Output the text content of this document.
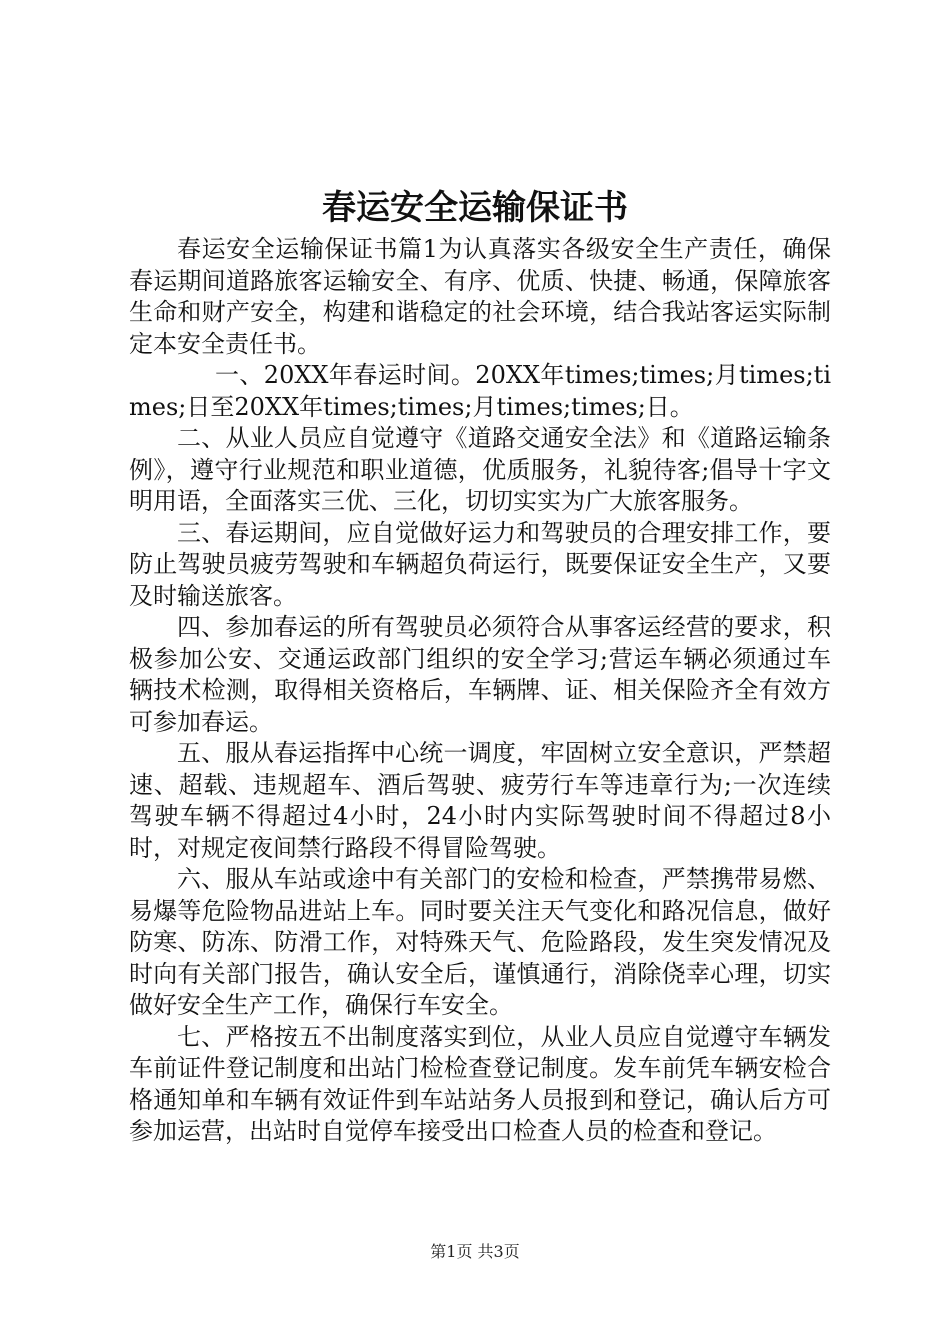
春运安全运输保证书

春运安全运输保证书篇1为认真落实各级安全生产责任，确保春运期间道路旅客运输安全、有序、优质、快捷、畅通，保障旅客生命和财产安全，构建和谐稳定的社会环境，结合我站客运实际制定本安全责任书。

一、20XX年春运时间。20XX年times;times;月times;times;日至20XX年times;times;月times;times;日。

二、从业人员应自觉遵守《道路交通安全法》和《道路运输条例》，遵守行业规范和职业道德，优质服务，礼貌待客;倡导十字文明用语，全面落实三优、三化，切切实实为广大旅客服务。

三、春运期间，应自觉做好运力和驾驶员的合理安排工作，要防止驾驶员疲劳驾驶和车辆超负荷运行，既要保证安全生产，又要及时输送旅客。

四、参加春运的所有驾驶员必须符合从事客运经营的要求，积极参加公安、交通运政部门组织的安全学习;营运车辆必须通过车辆技术检测，取得相关资格后，车辆牌、证、相关保险齐全有效方可参加春运。

五、服从春运指挥中心统一调度，牢固树立安全意识，严禁超速、超载、违规超车、酒后驾驶、疲劳行车等违章行为;一次连续驾驶车辆不得超过4小时，24小时内实际驾驶时间不得超过8小时，对规定夜间禁行路段不得冒险驾驶。

六、服从车站或途中有关部门的安检和检查，严禁携带易燃、易爆等危险物品进站上车。同时要关注天气变化和路况信息，做好防寒、防冻、防滑工作，对特殊天气、危险路段，发生突发情况及时向有关部门报告，确认安全后，谨慎通行，消除侥幸心理，切实做好安全生产工作，确保行车安全。

七、严格按五不出制度落实到位，从业人员应自觉遵守车辆发车前证件登记制度和出站门检检查登记制度。发车前凭车辆安检合格通知单和车辆有效证件到车站站务人员报到和登记，确认后方可参加运营，出站时自觉停车接受出口检查人员的检查和登记。

第1页 共3页
